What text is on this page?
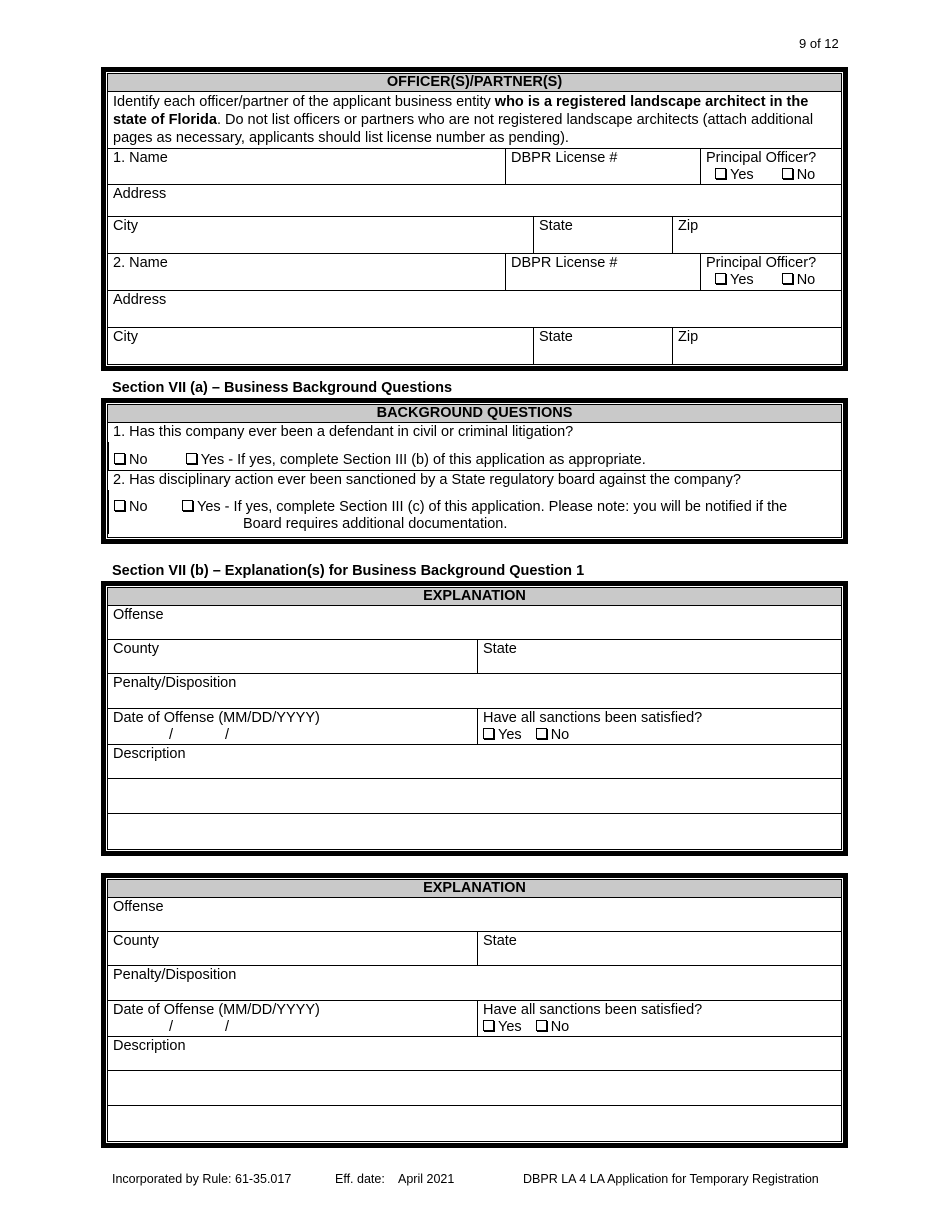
9 of 12
OFFICER(S)/PARTNER(S)
Identify each officer/partner of the applicant business entity who is a registered landscape architect in the state of Florida. Do not list officers or partners who are not registered landscape architects (attach additional pages as necessary, applicants should list license number as pending).
1. Name	DBPR License #	Principal Officer?
Yes	No
Address
City	State	Zip
2. Name	DBPR License #	Principal Officer?
Yes	No
Address
City	State	Zip
Section VII (a) – Business Background Questions
BACKGROUND QUESTIONS
1. Has this company ever been a defendant in civil or criminal litigation?
No	Yes - If yes, complete Section III (b) of this application as appropriate.
2. Has disciplinary action ever been sanctioned by a State regulatory board against the company?
No	Yes - If yes, complete Section III (c) of this application. Please note: you will be notified if the
Board requires additional documentation.
Section VII (b) – Explanation(s) for Business Background Question 1
EXPLANATION
Offense
County	State
Penalty/Disposition
Date of Offense (MM/DD/YYYY)
/	/
Have all sanctions been satisfied?
Yes No
Description
EXPLANATION
Offense
County	State
Penalty/Disposition
Date of Offense (MM/DD/YYYY)
/	/
Have all sanctions been satisfied?
Yes No
Description
Incorporated by Rule: 61-35.017	Eff. date:    April 2021	DBPR LA 4 LA Application for Temporary Registration
